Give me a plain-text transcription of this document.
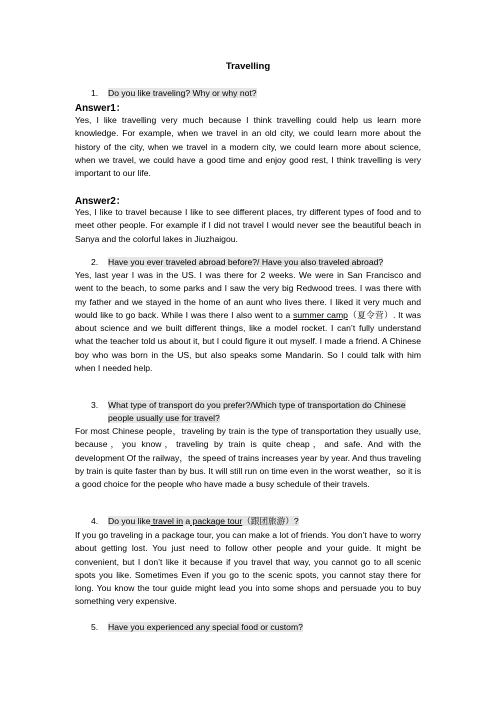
Travelling
1. Do you like traveling? Why or why not?
Answer1：

Yes, I like travelling very much because I think travelling could help us learn more knowledge. For example, when we travel in an old city, we could learn more about the history of the city, when we travel in a modern city, we could learn more about science, when we travel, we could have a good time and enjoy good rest, I think travelling is very important to our life.

Answer2：

Yes, I like to travel because I like to see different places, try different types of food and to meet other people. For example if I did not travel I would never see the beautiful beach in Sanya and the colorful lakes in Jiuzhaigou.

2. Have you ever traveled abroad before?/ Have you also traveled abroad?

Yes, last year I was in the US. I was there for 2 weeks. We were in San Francisco and went to the beach, to some parks and I saw the very big Redwood trees. I was there with my father and we stayed in the home of an aunt who lives there. I liked it very much and would like to go back. While I was there I also went to a summer camp（夏令营）. It was about science and we built different things, like a model rocket. I can’t fully understand what the teacher told us about it, but I could figure it out myself. I made a friend. A Chinese boy who was born in the US, but also speaks some Mandarin. So I could talk with him when I needed help.

3. What type of transport do you prefer?/Which type of transportation do Chinese people usually use for travel?

For most Chinese people，traveling by train is the type of transportation they usually use, because，you know，traveling by train is quite cheap，and safe. And with the development Of the railway，the speed of trains increases year by year. And thus traveling by train is quite faster than by bus. It will still run on time even in the worst weather，so it is a good choice for the people who have made a busy schedule of their travels.

4. Do you like travel in a package tour（跟团旅游）?

If you go traveling in a package tour, you can make a lot of friends. You don’t have to worry about getting lost. You just need to follow other people and your guide. It might be convenient, but I don’t like it because if you travel that way, you cannot go to all scenic spots you like. Sometimes Even if you go to the scenic spots, you cannot stay there for long. You know the tour guide might lead you into some shops and persuade you to buy something very expensive.

5. Have you experienced any special food or custom?
